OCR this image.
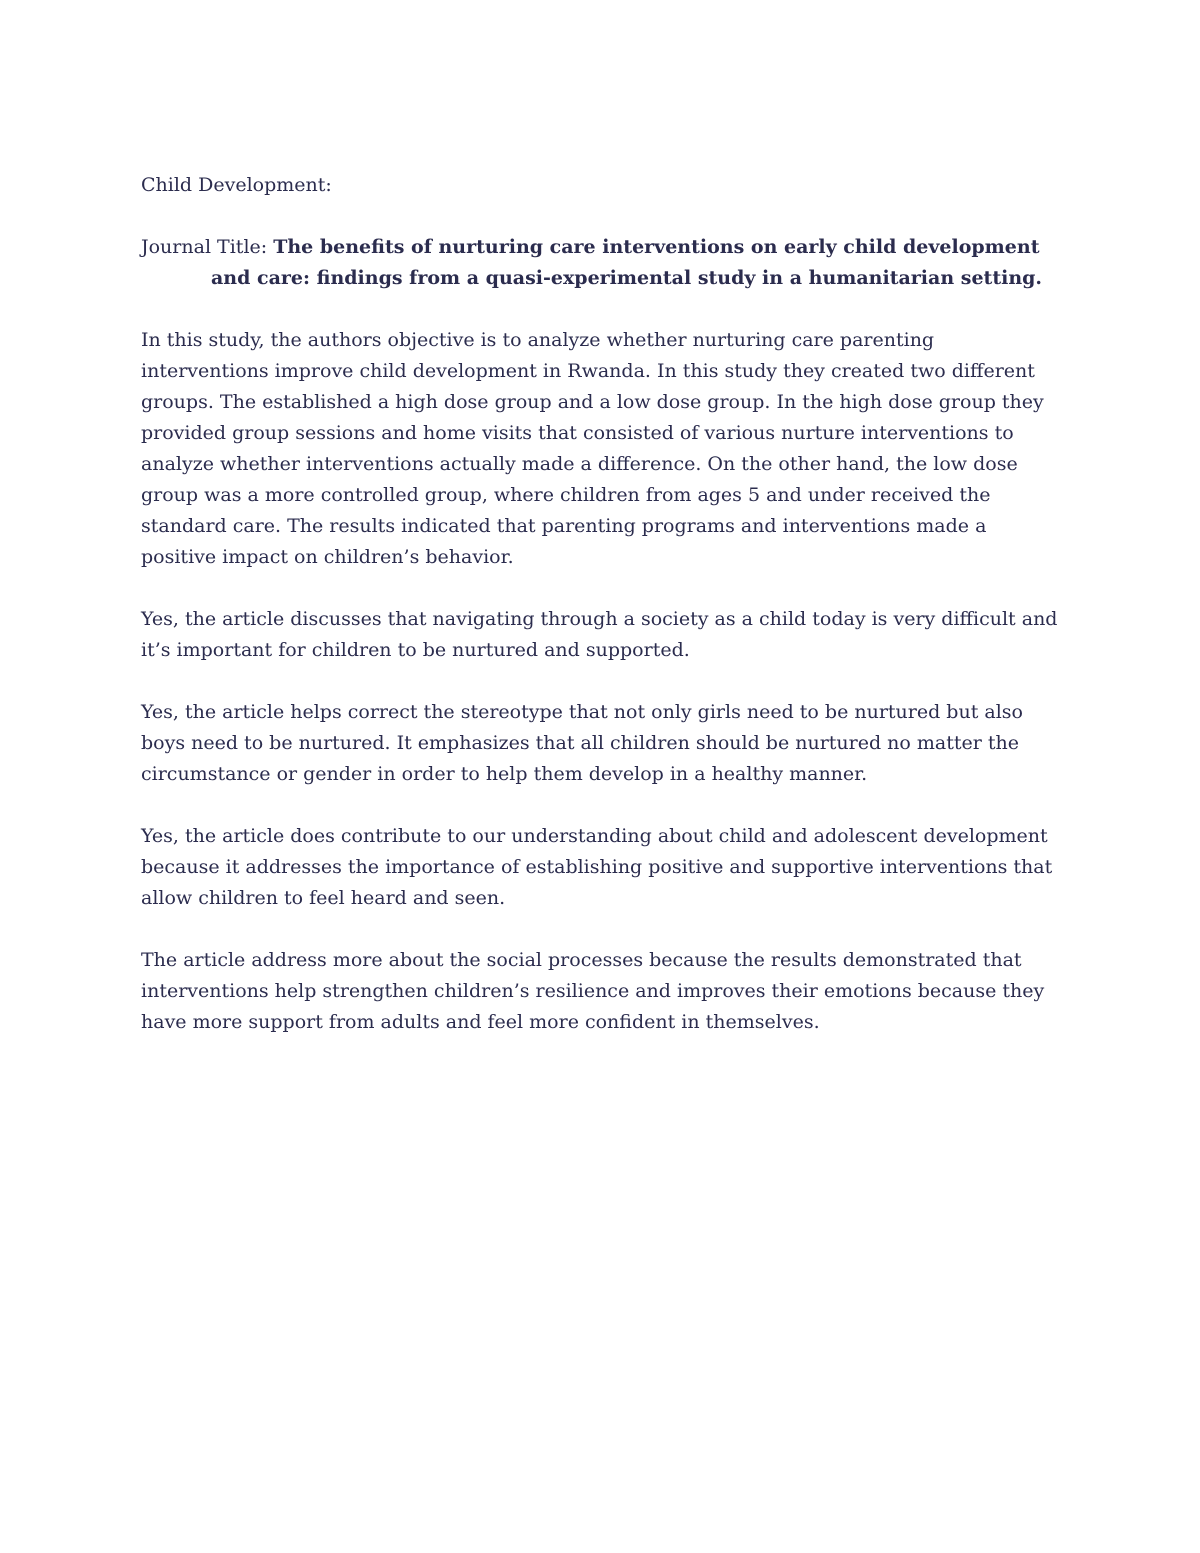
Child Development:

Journal Title: The benefits of nurturing care interventions on early child development and care: findings from a quasi-experimental study in a humanitarian setting.

In this study, the authors objective is to analyze whether nurturing care parenting interventions improve child development in Rwanda. In this study they created two different groups. The established a high dose group and a low dose group. In the high dose group they provided group sessions and home visits that consisted of various nurture interventions to analyze whether interventions actually made a difference. On the other hand, the low dose group was a more controlled group, where children from ages 5 and under received the standard care. The results indicated that parenting programs and interventions made a positive impact on children’s behavior.

Yes, the article discusses that navigating through a society as a child today is very difficult and it’s important for children to be nurtured and supported.

Yes, the article helps correct the stereotype that not only girls need to be nurtured but also boys need to be nurtured. It emphasizes that all children should be nurtured no matter the circumstance or gender in order to help them develop in a healthy manner.

Yes, the article does contribute to our understanding about child and adolescent development because it addresses the importance of establishing positive and supportive interventions that allow children to feel heard and seen.

The article address more about the social processes because the results demonstrated that interventions help strengthen children’s resilience and improves their emotions because they have more support from adults and feel more confident in themselves.
